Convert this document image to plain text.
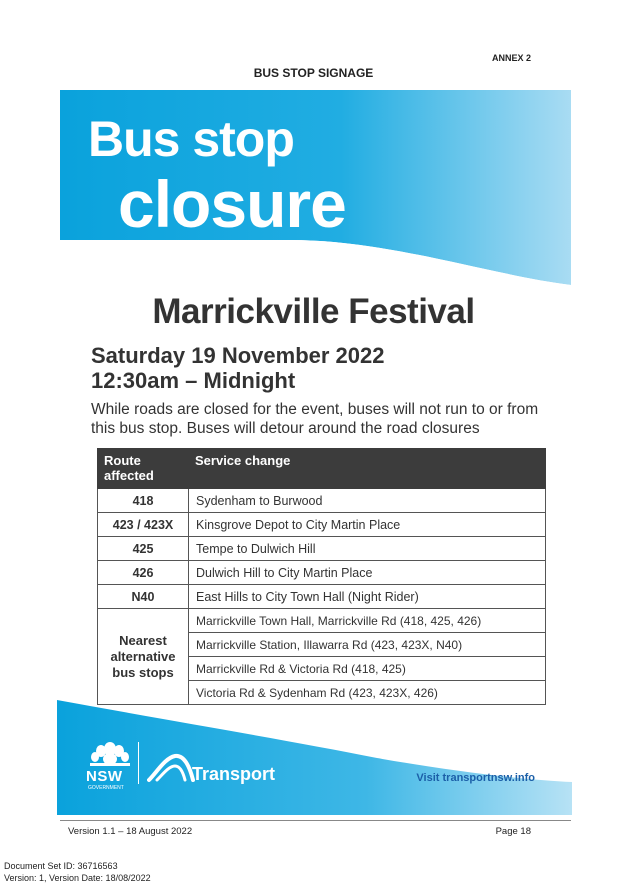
ANNEX 2
BUS STOP SIGNAGE
Bus stop
closure
Marrickville Festival
Saturday 19 November 2022
12:30am – Midnight
While roads are closed for the event, buses will not run to or from this bus stop. Buses will detour around the road closures
Route affected	Service change
418	Sydenham to Burwood
423 / 423X	Kinsgrove Depot to City Martin Place
425	Tempe to Dulwich Hill
426	Dulwich Hill to City Martin Place
N40	East Hills to City Town Hall (Night Rider)
Nearest alternative bus stops	Marrickville Town Hall, Marrickville Rd (418, 425, 426)
	Marrickville Station, Illawarra Rd (423, 423X, N40)
	Marrickville Rd & Victoria Rd (418, 425)
	Victoria Rd & Sydenham Rd (423, 423X, 426)
NSW
GOVERNMENT
Transport	Visit transportnsw.info
Version 1.1 – 18 August 2022	Page 18
Document Set ID: 36716563
Version: 1, Version Date: 18/08/2022
